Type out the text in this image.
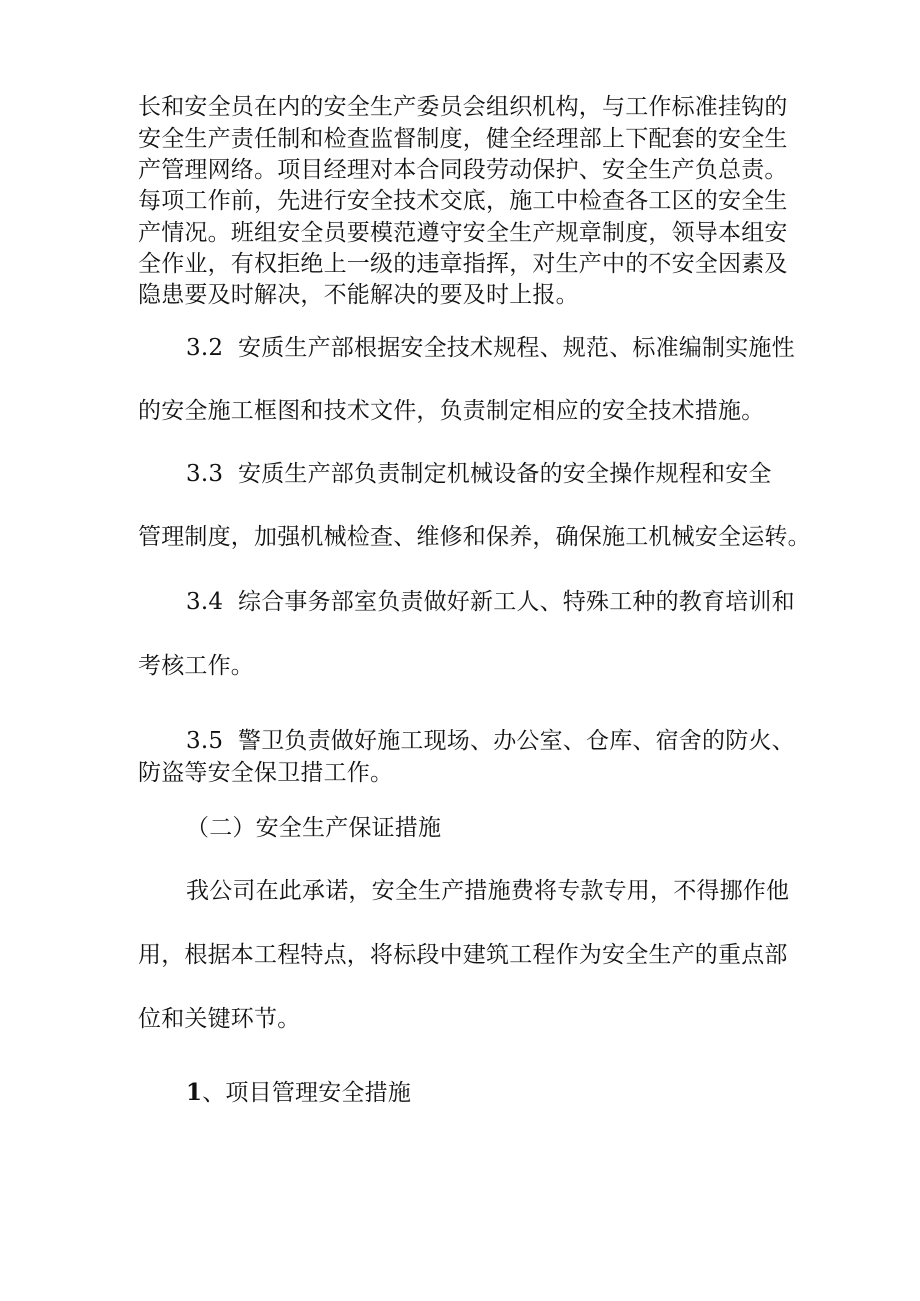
长和安全员在内的安全生产委员会组织机构，与工作标准挂钩的
安全生产责任制和检查监督制度，健全经理部上下配套的安全生
产管理网络。项目经理对本合同段劳动保护、安全生产负总责。
每项工作前，先进行安全技术交底，施工中检查各工区的安全生
产情况。班组安全员要模范遵守安全生产规章制度，领导本组安
全作业，有权拒绝上一级的违章指挥，对生产中的不安全因素及
隐患要及时解决，不能解决的要及时上报。
3.2 安质生产部根据安全技术规程、规范、标准编制实施性
的安全施工框图和技术文件，负责制定相应的安全技术措施。
3.3 安质生产部负责制定机械设备的安全操作规程和安全
管理制度，加强机械检查、维修和保养，确保施工机械安全运转。
3.4 综合事务部室负责做好新工人、特殊工种的教育培训和
考核工作。
3.5 警卫负责做好施工现场、办公室、仓库、宿舍的防火、
防盗等安全保卫措工作。
（二）安全生产保证措施
我公司在此承诺，安全生产措施费将专款专用，不得挪作他
用，根据本工程特点，将标段中建筑工程作为安全生产的重点部
位和关键环节。
1、项目管理安全措施
